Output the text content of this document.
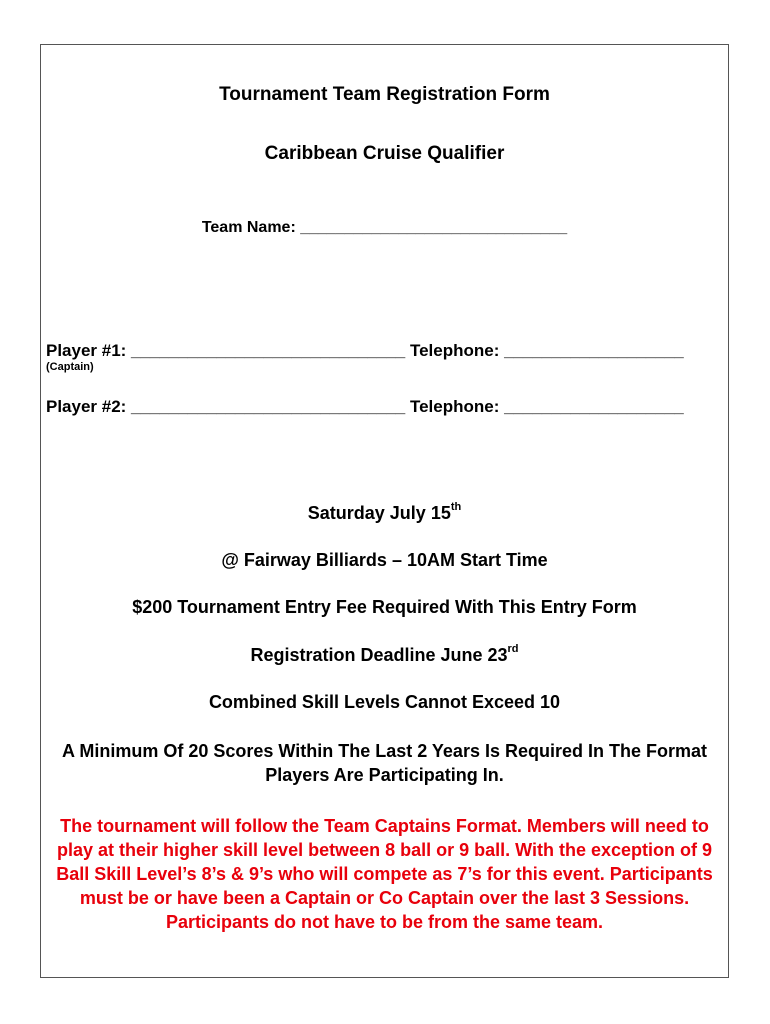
Tournament Team Registration Form
Caribbean Cruise Qualifier
Team Name: ______________________________
Player #1: _____________________________ Telephone: ___________________
(Captain)
Player #2: _____________________________ Telephone: ___________________
Saturday July 15th
@ Fairway Billiards – 10AM Start Time
$200 Tournament Entry Fee Required With This Entry Form
Registration Deadline June 23rd
Combined Skill Levels Cannot Exceed 10
A Minimum Of 20 Scores Within The Last 2 Years Is Required In The Format Players Are Participating In.
The tournament will follow the Team Captains Format. Members will need to play at their higher skill level between 8 ball or 9 ball. With the exception of 9 Ball Skill Level’s 8’s & 9’s who will compete as 7’s for this event. Participants must be or have been a Captain or Co Captain over the last 3 Sessions. Participants do not have to be from the same team.
